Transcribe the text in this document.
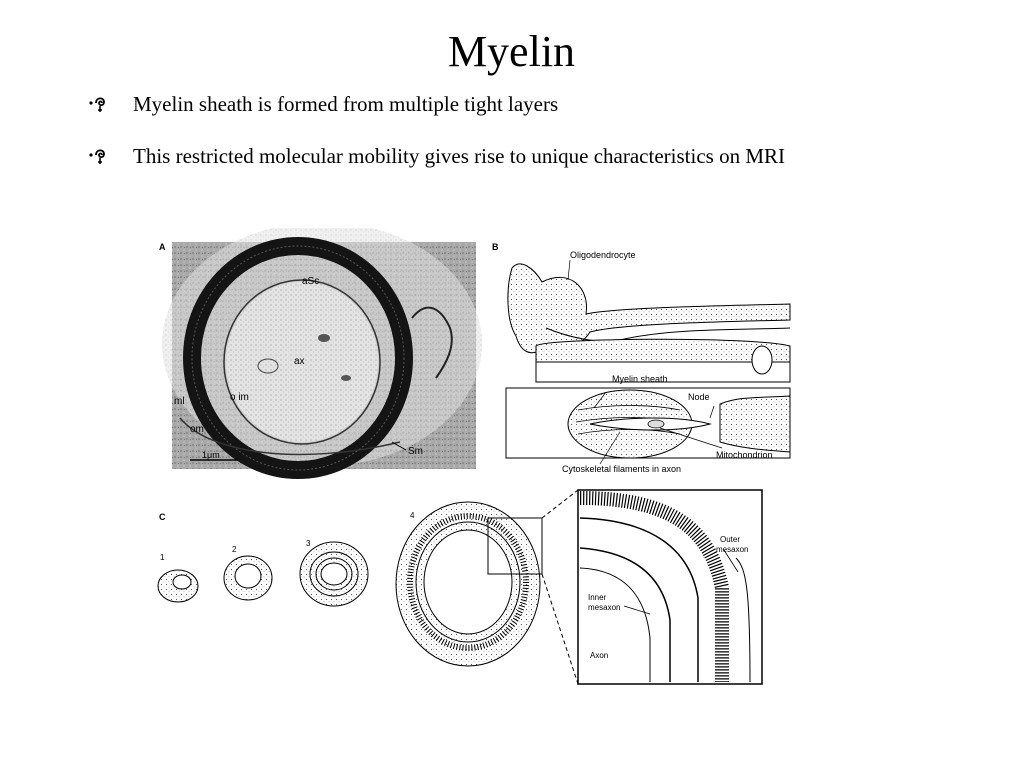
Myelin
Myelin sheath is formed from multiple tight layers
This restricted molecular mobility gives rise to unique characteristics on MRI
A
aSc
ax
o im
ml
om
Sm
1μm
B
Oligodendrocyte
Myelin sheath
Node
Mitochondrion
Cytoskeletal filaments in axon
C
1
2
3
4
Outer
mesaxon
Inner
mesaxon
Axon
